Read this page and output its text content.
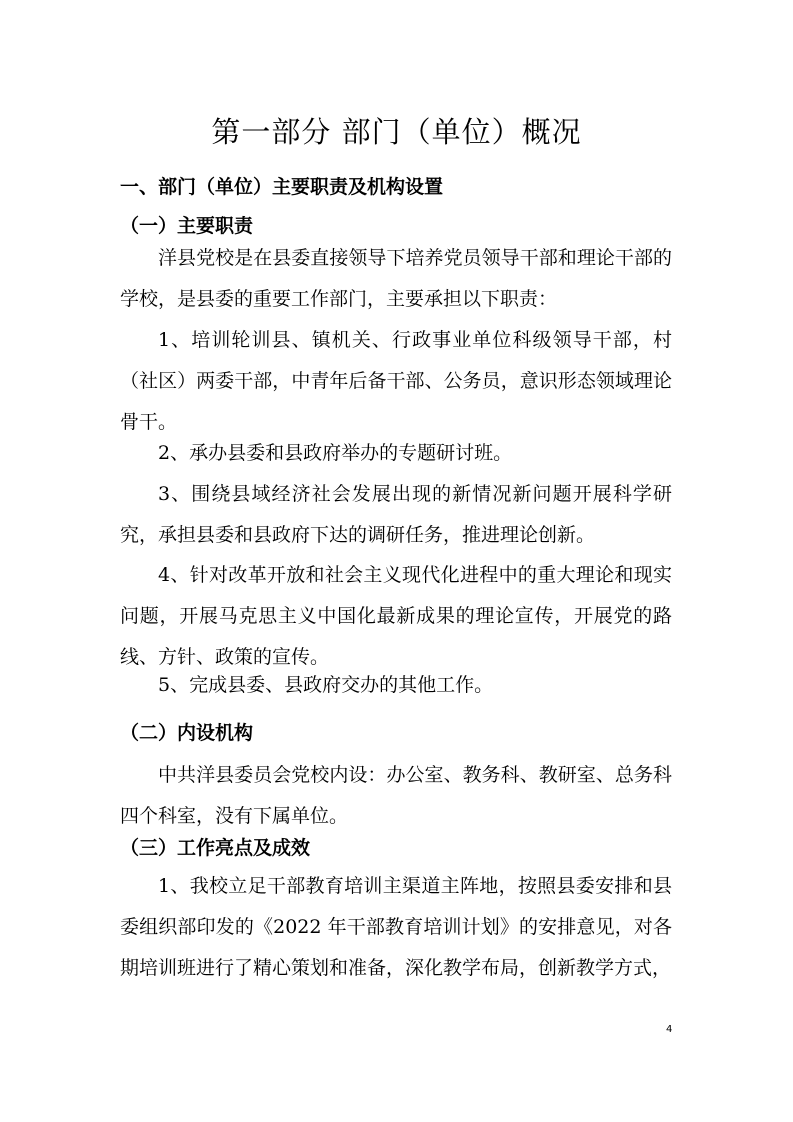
第一部分 部门（单位）概况
一、部门（单位）主要职责及机构设置
（一）主要职责

洋县党校是在县委直接领导下培养党员领导干部和理论干部的学校，是县委的重要工作部门，主要承担以下职责：

1、培训轮训县、镇机关、行政事业单位科级领导干部，村（社区）两委干部，中青年后备干部、公务员，意识形态领域理论骨干。

2、承办县委和县政府举办的专题研讨班。

3、围绕县域经济社会发展出现的新情况新问题开展科学研究，承担县委和县政府下达的调研任务，推进理论创新。

4、针对改革开放和社会主义现代化进程中的重大理论和现实问题，开展马克思主义中国化最新成果的理论宣传，开展党的路线、方针、政策的宣传。

5、完成县委、县政府交办的其他工作。

（二）内设机构

中共洋县委员会党校内设：办公室、教务科、教研室、总务科四个科室，没有下属单位。

（三）工作亮点及成效

1、我校立足干部教育培训主渠道主阵地，按照县委安排和县委组织部印发的《2022 年干部教育培训计划》的安排意见，对各期培训班进行了精心策划和准备，深化教学布局，创新教学方式，

4
